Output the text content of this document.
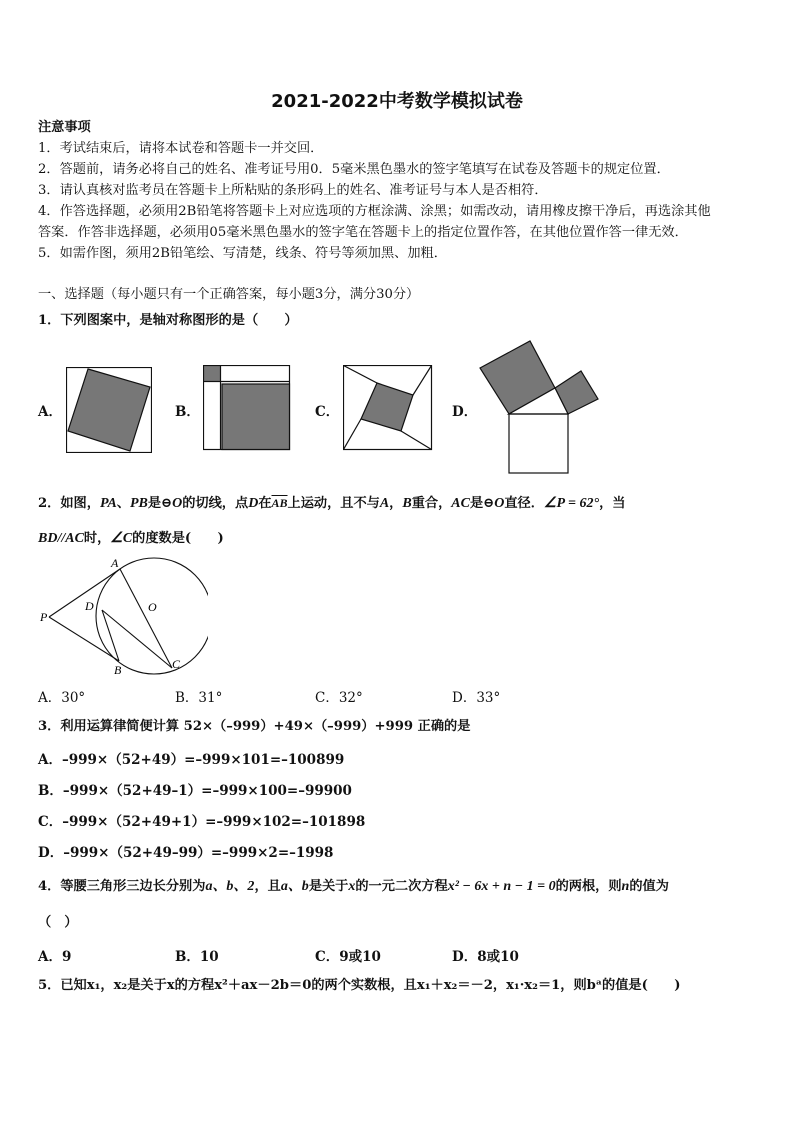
2021-2022中考数学模拟试卷
注意事项
1．考试结束后，请将本试卷和答题卡一并交回．
2．答题前，请务必将自己的姓名、准考证号用0．5毫米黑色墨水的签字笔填写在试卷及答题卡的规定位置．
3．请认真核对监考员在答题卡上所粘贴的条形码上的姓名、准考证号与本人是否相符．
4．作答选择题，必须用2B铅笔将答题卡上对应选项的方框涂满、涂黑；如需改动，请用橡皮擦干净后，再选涂其他
答案．作答非选择题，必须用05毫米黑色墨水的签字笔在答题卡上的指定位置作答，在其他位置作答一律无效．
5．如需作图，须用2B铅笔绘、写清楚，线条、符号等须加黑、加粗．
一、选择题（每小题只有一个正确答案，每小题3分，满分30分）
1．下列图案中，是轴对称图形的是（　　）
A．	B．	C．	D．
2．如图，PA、PB是⊖O的切线，点D在$\overline{AB}$上运动，且不与A，B重合，AC是⊖O直径．∠P = 62°，当
BD//AC时，∠C的度数是(　　)
A
D	O
P
B	C
A．30°	B．31°	C．32°	D．33°
3．利用运算律简便计算 52×（–999）+49×（–999）+999 正确的是
A．–999×（52+49）=–999×101=–100899
B．–999×（52+49–1）=–999×100=–99900
C．–999×（52+49+1）=–999×102=–101898
D．–999×（52+49–99）=–999×2=–1998
4．等腰三角形三边长分别为a、b、2，且a、b是关于x的一元二次方程x² − 6x + n − 1 = 0的两根，则n的值为
（　）
A．9	B．10	C．9或10	D．8或10
5．已知x₁，x₂是关于x的方程x²＋ax－2b＝0的两个实数根，且x₁＋x₂＝－2，x₁·x₂＝1，则bᵃ的值是(　　)
